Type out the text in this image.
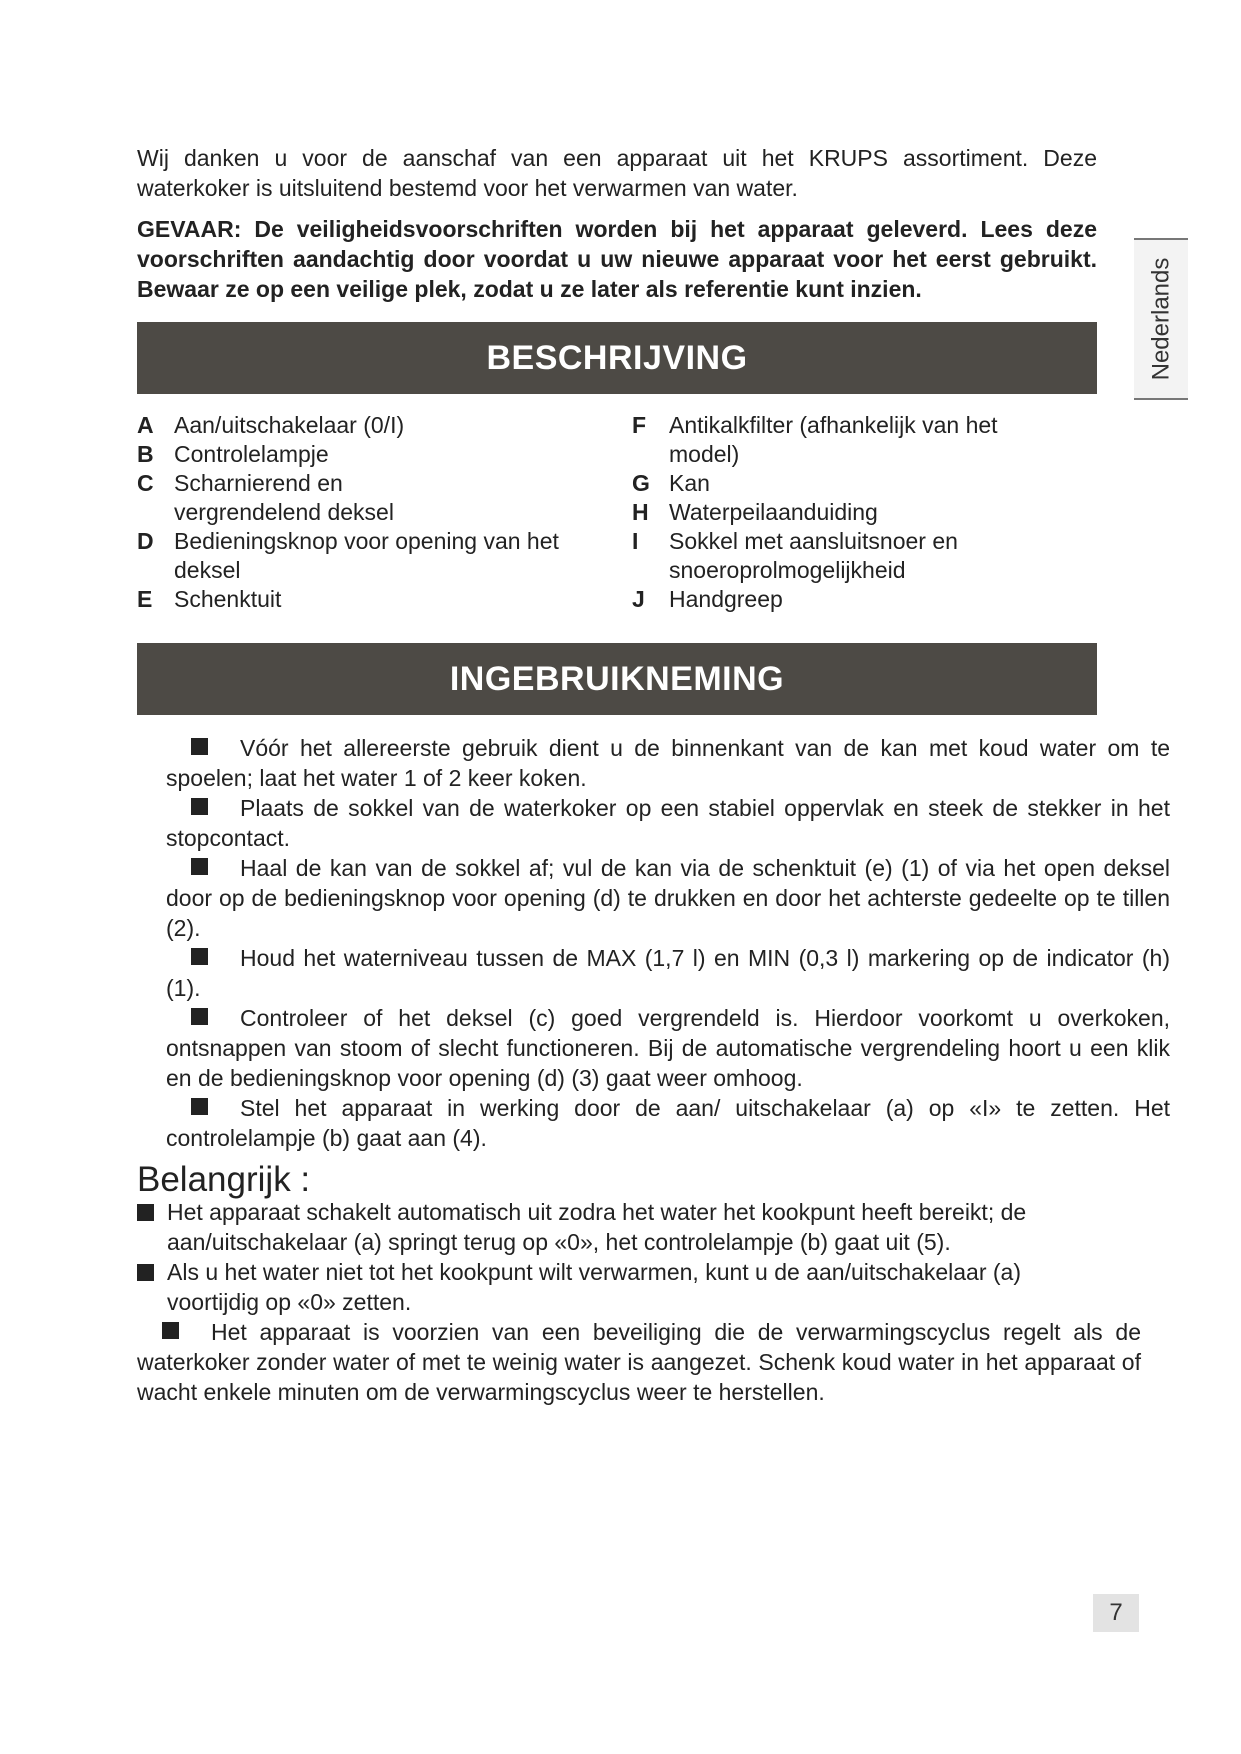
Wij danken u voor de aanschaf van een apparaat uit het KRUPS assortiment. Deze waterkoker is uitsluitend bestemd voor het verwarmen van water.

GEVAAR: De veiligheidsvoorschriften worden bij het apparaat geleverd. Lees deze voorschriften aandachtig door voordat u uw nieuwe apparaat voor het eerst gebruikt. Bewaar ze op een veilige plek, zodat u ze later als referentie kunt inzien.	Nederlands
BESCHRIJVING
A Aan/uitschakelaar (0/I)
B Controlelampje
C Scharnierend en vergrendelend deksel
D Bedieningsknop voor opening van het deksel
E Schenktuit
F Antikalkfilter (afhankelijk van het model)
G Kan
H Waterpeilaanduiding
I	Sokkel met aansluitsnoer en snoeroprolmogelijkheid
J	Handgreep
INGEBRUIKNEMING

Vóór het allereerste gebruik dient u de binnenkant van de kan met koud water om te spoelen; laat het water 1 of 2 keer koken.

Plaats de sokkel van de waterkoker op een stabiel oppervlak en steek de stekker in het stopcontact.

Haal de kan van de sokkel af; vul de kan via de schenktuit (e) (1) of via het open deksel door op de bedieningsknop voor opening (d) te drukken en door het achterste gedeelte op te tillen (2).

Houd het waterniveau tussen de MAX (1,7 l) en MIN (0,3 l) markering op de indicator (h) (1).

Controleer of het deksel (c) goed vergrendeld is. Hierdoor voorkomt u overkoken, ontsnappen van stoom of slecht functioneren. Bij de automatische vergrendeling hoort u een klik en de bedieningsknop voor opening (d) (3) gaat weer omhoog.

Stel het apparaat in werking door de aan/ uitschakelaar (a) op «I» te zetten. Het controlelampje (b) gaat aan (4).

Belangrijk :
Het apparaat schakelt automatisch uit zodra het water het kookpunt heeft bereikt; de aan/uitschakelaar (a) springt terug op «0», het controlelampje (b) gaat uit (5).
Als u het water niet tot het kookpunt wilt verwarmen, kunt u de aan/uitschakelaar (a) voortijdig op «0» zetten.

Het apparaat is voorzien van een beveiliging die de verwarmingscyclus regelt als de waterkoker zonder water of met te weinig water is aangezet. Schenk koud water in het apparaat of wacht enkele minuten om de verwarmingscyclus weer te herstellen.

7
